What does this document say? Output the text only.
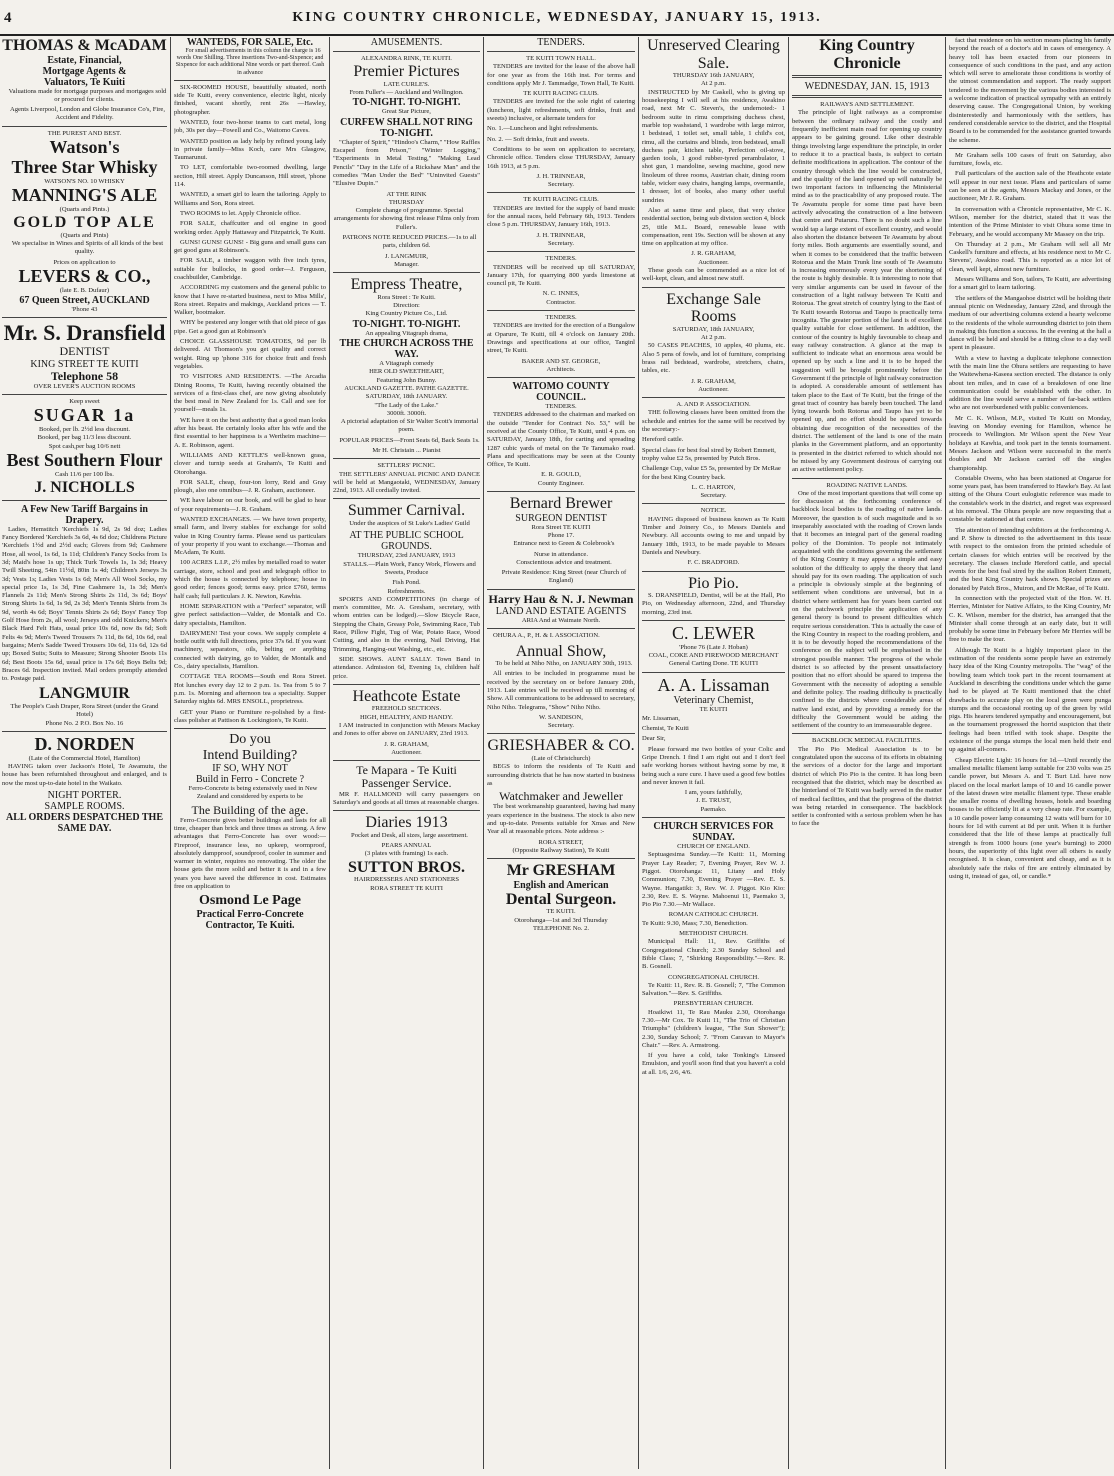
4	KING COUNTRY CHRONICLE, WEDNESDAY, JANUARY 15, 1913.
THOMAS & McADAM
Estate, Financial,
Mortgage Agents &
Valuators, Te Kuiti

Valuations made for mortgage purposes and mortgages sold or procured for clients.

Agents Liverpool, London and Globe Insurance Co's, Fire, Accident and Fidelity.

THE PUREST AND BEST.
Watson's
Three Star Whisky
WATSON'S NO. 10 WHISKY
MANNING'S ALE
(Quarts and Pints.)
GOLD TOP ALE
(Quarts and Pints)

We specialise in Wines and Spirits of all kinds of the best quality.

Prices on application to
LEVERS & CO.,
(late E. B. Dufaur)
67 Queen Street, AUCKLAND
'Phone 43
Mr. S. Dransfield
DENTIST
KING STREET TE KUITI
Telephone 58
OVER LEVER'S AUCTION ROOMS
Keep sweet
SUGAR 1a
Booked, per lb. 2½d less discount.
Booked, per bag 11/3 less discount.
Spot cash,per bag 10/6 nett
Best Southern Flour
Cash 11/6 per 100 lbs.
J. NICHOLLS
A Few New Tariff Bargains in Drapery.

Ladies, Hemstitch 'Kerchiefs 1s 9d, 2s 9d doz; Ladies Fancy Bordered 'Kerchiefs 3s 6d, 4s 6d doz; Childrens Picture 'Kerchiefs 1½d and 2½d each; Gloves from 9d; Cashmere Hose, all wool, 1s 6d, 1s 11d; Children's Fancy Socks from 1s 3d; Maid's hose 1s up; Thick Turk Towels 1s, 1s 3d; Heavy Twill Sheeting, 54in 11½d, 80in 1s 4d; Children's Jerseys 3s 3d; Vests 1s; Ladies Vests 1s 6d; Men's All Wool Socks, my special price 1s, 1s 3d, Fine Cashmere 1s, 1s 3d; Men's Flannels 2s 11d; Men's Strong Shirts 2s 11d, 3s 6d; Boys' Strong Shirts 1s 6d, 1s 9d, 2s 3d; Men's Tennis Shirts from 3s 9d, worth 4s 6d; Boys' Tennis Shirts 2s 6d; Boys' Fancy Top Golf Hose from 2s, all wool; Jerseys and odd Knickers; Men's Black Hard Felt Hats, usual price 10s 6d, now 8s 6d; Soft Felts 4s 9d; Men's Tweed Trousers 7s 11d, 8s 6d, 10s 6d, real bargains; Men's Sadde Tweed Trousers 10s 6d, 11s 6d, 12s 6d up; Boxed Suits; Suits to Measure; Strong Shooter Boots 11s 6d; Best Boots 15s 6d, usual price is 17s 6d; Boys Belts 9d; Braces 6d. Inspection invited. Mail orders promptly attended to. Postage paid.

LANGMUIR
The People's Cash Draper, Rora Street (under the Grand Hotel)
Phone No. 2 P.O. Box No. 16
D. NORDEN
(Late of the Commercial Hotel, Hamilton)

HAVING taken over Jackson's Hotel, Te Awamutu, the house has been refurnished throughout and enlarged, and is now the most up-to-date hotel in the Waikato.

NIGHT PORTER.
SAMPLE ROOMS.
ALL ORDERS DESPATCHED THE SAME DAY.
WANTEDS, FOR SALE, Etc.

For small advertisements in this column the charge is 16 words One Shilling. Three insertions Two-and-Sixpence; and Sixpence for each additional Nine words or part thereof. Cash in advance

SIX-ROOMED HOUSE, beautifully situated, north side Te Kuiti, every convenience, electric light, nicely finished, vacant shortly, rent 26s —Hawley, photographer.

WANTED, four two-horse teams to cart metal, long job, 30s per day—Fowell and Co., Waitomo Caves.

WANTED position as lady help by refined young lady in private family—Miss Koch, care Mrs Glasgow, Taumarunui.

TO LET, comfortable two-roomed dwelling, large section, Hill street. Apply Duncanson, Hill street, 'phone 114.

WANTED, a smart girl to learn the tailoring. Apply to Williams and Son, Rora street.

TWO ROOMS to let. Apply Chronicle office.

FOR SALE, chaffcutter and oil engine in good working order. Apply Hattaway and Fitzpatrick, Te Kuiti.

GUNS! GUNS! GUNS! - Big guns and small guns can get good guns at Robinson's.

FOR SALE, a timber waggon with five inch tyres, suitable for bullocks, in good order—J. Ferguson, coachbuilder, Cambridge.

ACCORDING my customers and the general public to know that I have re-started business, next to Miss Mills', Rora street. Repairs and makings, Auckland prices — T. Walker, bootmaker.

WHY be pestered any longer with that old piece of gas pipe. Get a good gun at Robinson's

CHOICE GLASSHOUSE TOMATOES, 9d per lb delivered. At Thomson's you get quality and correct weight. Ring up 'phone 316 for choice fruit and fresh vegetables.

TO VISITORS AND RESIDENTS. —The Arcadia Dining Rooms, Te Kuiti, having recently obtained the services of a first-class chef, are now giving absolutely the best meal in New Zealand for 1s. Call and see for yourself—meals 1s.

WE have it on the best authority that a good man looks after his beast. He certainly looks after his wife and the first essential to her happiness is a Wertheim machine—A. E. Robinson, agent.

WILLIAMS AND KETTLE'S well-known grass, clover and turnip seeds at Graham's, Te Kuiti and Otorohanga.

FOR SALE, cheap, four-ton lorry, Reid and Gray plough, also one omnibus—J. R. Graham, auctioneer.

WE have labour on our book, and will be glad to hear of your requirements—J. R. Graham.

WANTED EXCHANGES. — We have town property, small farm, and livery stables for exchange for solid value in King Country farms. Please send us particulars of your property if you want to exchange.—Thomas and McAdam, Te Kuiti.

100 ACRES L.I.P., 2½ miles by metalled road to water carriage, store, school and post and telegraph office to which the house is connected by telephone; house in good order; fences good; terms easy. price £760, terms half cash; full particulars J. K. Newton, Kawhia.

HOME SEPARATION with a "Perfect" separator, will give perfect satisfaction—Valder, de Montalk and Co. dairy specialists, Hamilton.

DAIRYMEN! Test your cows. We supply complete 4 bottle outfit with full directions, price 37s 6d. If you want machinery, separators, oils, belting or anything connected with dairying, go to Valder, de Montalk and Co., dairy specialists, Hamilton.

COTTAGE TEA ROOMS—South end Rora Street. Hot lunches every day 12 to 2 p.m. 1s. Tea from 5 to 7 p.m. 1s. Morning and afternoon tea a speciality. Supper Saturday nights 6d. MRS ENSOLL, proprietress.

GET your Piano or Furniture re-polished by a first-class polisher at Pattison & Lockington's, Te Kuiti.

Do you
Intend Building?
IF SO, WHY NOT
Build in Ferro - Concrete ?

Ferro-Concrete is being extensively used in New Zealand and considered by experts to be

The Building of the age.

Ferro-Concrete gives better buildings and lasts for all time, cheaper than brick and three times as strong. A few advantages that Ferro-Concrete has over wood:—Fireproof, insurance less, no upkeep, wormproof, absolutely dampproof, soundproof, cooler in summer and warmer in winter, requires no renovating. The older the house gets the more solid and better it is and in a few years you have saved the difference in cost. Estimates free on application to

Osmond Le Page
Practical Ferro-Concrete Contractor, Te Kuiti.
AMUSEMENTS.
ALEXANDRA RINK, TE KUITI.
Premier Pictures
LATE CURLE'S.
From Fuller's — Auckland and Wellington.
TO-NIGHT. TO-NIGHT.
Great Star Picture,
CURFEW SHALL NOT RING TO-NIGHT.

"Chapter of Spirit," "Hindoo's Charm," "How Raffles Escaped from Prison," "Winter Logging," "Experiments in Metal Testing," "Making Lead Pencils" "Day in the Life of a Rickshaw Man" and the comedies "Man Under the Bed" "Uninvited Guests" "Elusive Dupin."

AT THE RINK
THURSDAY

Complete change of programme. Special arrangements for showing first release Films only from Fuller's.

PATRONS NOTE REDUCED PRICES.—1s to all parts, children 6d.

J. LANGMUIR,
Manager.
Empress Theatre,
Rora Street : Te Kuiti.
Direction:
King Country Picture Co., Ltd.
TO-NIGHT. TO-NIGHT.
An appealing Vitagraph drama,
THE CHURCH ACROSS THE WAY.
A Vitagraph comedy
HER OLD SWEETHEART,
Featuring John Bunny.
AUCKLAND GAZETTE. PATHE GAZETTE.
SATURDAY, 18th JANUARY.
"The Lady of the Lake."
3000ft. 3000ft.

A pictorial adaptation of Sir Walter Scott's immortal poem.

POPULAR PRICES—Front Seats 6d, Back Seats 1s.

Mr H. Christain ... Pianist
SETTLERS' PICNIC.

THE SETTLERS' ANNUAL PICNIC AND DANCE will be held at Mangaotaki, WEDNESDAY, January 22nd, 1913. All cordially invited.

Summer Carnival.

Under the auspices of St Luke's Ladies' Guild

AT THE PUBLIC SCHOOL GROUNDS.
THURSDAY, 23rd JANUARY, 1913

STALLS.—Plain Work, Fancy Work, Flowers and Sweets, Produce

Fish Pond.
Refreshments.

SPORTS AND COMPETITIONS (in charge of men's committee, Mr. A. Gresham, secretary, with whom entries can be lodged).—Slow Bicycle Race, Stepping the Chain, Greasy Pole, Swimming Race, Tub Race, Pillow Fight, Tug of War, Potato Race, Wood Cutting, and also in the evening, Nail Driving, Hat Trimming, Hanging-out Washing, etc., etc.

SIDE SHOWS. AUNT SALLY. Town Band in attendance. Admission 6d, Evening 1s, children half price.

Heathcote Estate
FREEHOLD SECTIONS.
HIGH, HEALTHY, AND HANDY.

I AM instructed in conjunction with Messrs Mackay and Jones to offer above on JANUARY, 23rd 1913.

J. R. GRAHAM,
Auctioneer.
Te Mapara - Te Kuiti Passenger Service.

MR F. HALLMOND will carry passengers on Saturday's and goods at all times at reasonable charges.

Diaries 1913

Pocket and Desk, all sizes, large assortment.

PEARS ANNUAL
(3 plates with framing) 1s each.
SUTTON BROS.
HAIRDRESSERS AND STATIONERS
RORA STREET TE KUITI
TENDERS.
TE KUITI TOWN HALL.

TENDERS are invited for the lease of the above hall for one year as from the 16th inst. For terms and conditions apply Mr J. Tammadge, Town Hall, Te Kuiti.

TE KUITI RACING CLUB.

TENDERS are invited for the sole right of catering (luncheon, light refreshments, soft drinks, fruit and sweets) inclusive, or alternate tenders for

No. 1.—Luncheon and light refreshments.

No. 2. — Soft drinks, fruit and sweets.

Conditions to be seen on application to secretary, Chronicle office. Tenders close THURSDAY, January 16th 1913, at 5 p.m.

J. H. TRINNEAR,
Secretary.
TE KUITI RACING CLUB.

TENDERS are invited for the supply of band music for the annual races, held February 6th, 1913. Tenders close 5 p.m. THURSDAY, January 16th, 1913.

J. H. TRINNEAR,
Secretary.
TENDERS.

TENDERS will be received up till SATURDAY, January 17th, for quarrying 800 yards limestone at council pit, Te Kuiti.

N. C. INNES,
Contractor.
TENDERS.

TENDERS are invited for the erection of a Bungalow at Oparure, Te Kuiti, till 4 o'clock on January 20th. Drawings and specifications at our office, Tanginl street, Te Kuiti.

BAKER AND ST. GEORGE,
Architects.
WAITOMO COUNTY COUNCIL.
TENDERS.

TENDERS addressed to the chairman and marked on the outside "Tender for Contract No. 53," will be received at the County Office, Te Kuiti, until 4 p.m. on SATURDAY, January 18th, for carting and spreading 1287 cubic yards of metal on the Te Tanumako road. Plans and specifications may be seen at the County Office, Te Kuiti.

E. R. GOULD,
County Engineer.
Bernard Brewer
SURGEON DENTIST
Rora Street TE KUITI
Phone 17.

Entrance next to Green & Colebrook's

Nurse in attendance.

Conscientious advice and treatment.

Private Residence: King Street (near Church of England)

Harry Hau & N. J. Newman
LAND AND ESTATE AGENTS
ARIA And at Waimate North.

OHURA A., P., H. & I. ASSOCIATION.

Annual Show,

To be held at Niho Niho, on JANUARY 30th, 1913.

All entries to be included in programme must be received by the secretary on or before January 20th, 1913. Late entries will be received up till morning of Show. All communications to be addressed to secretary, Niho Niho. Telegrams, "Show" Niho Niho.

W. SANDISON,
Secretary.
GRIESHABER & CO.
(Late of Christchurch)

BEGS to inform the residents of Te Kuiti and surrounding districts that he has now started in business as

Watchmaker and Jeweller

The best workmanship guaranteed, having had many years experience in the business. The stock is also new and up-to-date. Presents suitable for Xmas and New Year all at reasonable prices. Note address :-

RORA STREET,
(Opposite Railway Station), Te Kuiti
Mr GRESHAM
English and American
Dental Surgeon.
TE KUITI.
Otorohanga—1st and 3rd Thursday
TELEPHONE No. 2.
Unreserved Clearing Sale.
THURSDAY 16th JANUARY,
At 2 p.m.

INSTRUCTED by Mr Caskell, who is giving up housekeeping I will sell at his residence, Awakino road, next Mr C. Steven's, the undernoted:- 1 bedroom suite in rimu comprising duchess chest, marble top washstand, 1 wardrobe with large mirror, 1 bedstead, 1 toilet set, small table, 1 child's cot, rimu, all the curtains and blinds, iron bedstead, small duchess pair, kitchen table, Perfection oil-stove, garden tools, 1 good rubber-tyred perambulator, 1 shot gun, 1 mandoline, sewing machine, good new linoleum of three rooms, Austrian chair, dining room table, wicker easy chairs, hanging lamps, overmantle, 1 dresser, lot of books, also many other useful sundries

Also at same time and place, that very choice residential section, being sub division section 4, block 25, title M.L. Board, renewable lease with compensation, rent 19s. Section will be shown at any time on application at my office.

J. R. GRAHAM,
Auctioneer.

These goods can be commended as a nice lot of well-kept, clean, and almost new stuff.

Exchange Sale Rooms
SATURDAY, 18th JANUARY,
At 2 p.m.

50 CASES PEACHES, 10 apples, 40 plums, etc. Also 5 pens of fowls, and lot of furniture, comprising brass rail bedstead, wardrobe, stretchers, chairs, tables, etc.

J. R. GRAHAM,
Auctioneer.
A. AND P. ASSOCIATION.

THE following classes have been omitted from the schedule and entries for the same will be received by the secretary:-

Hereford cattle.

Special class for best foal sired by Robert Emmett, trophy value £2 5s, presented by Putch Bros.

Challenge Cup, value £5 5s, presented by Dr McRae for the best King Country back.

L. C. HARTON,
Secretary.
NOTICE.

HAVING disposed of business known as Te Kuiti Timber and Joinery Co., to Messrs Daniels and Newbury. All accounts owing to me and unpaid by January 18th, 1913, to be made payable to Messrs Daniels and Newbury.

F. C. BRADFORD.
Pio Pio.

S. DRANSFIELD, Dentist, will be at the Hall, Pio Pio, on Wednesday afternoon, 22nd, and Thursday morning, 23rd inst.

C. LEWER
'Phone 76 (Late J. Hoban)
COAL, COKE AND FIREWOOD MERCHANT
General Carting Done. TE KUITI
A. A. Lissaman
Veterinary Chemist,
TE KUITI

Mr. Lissaman,

Chemist, Te Kuiti

Dear Sir,

Please forward me two bottles of your Colic and Gripe Drench. I find I am right out and I don't feel safe working horses without having some by me, it being such a sure cure. I have used a good few bottles and never known it fail.

I am, yours faithfully,
J. E. TRUST,
Paemako.
CHURCH SERVICES FOR SUNDAY.
CHURCH OF ENGLAND.

Septuagesima Sunday.—Te Kuiti: 11, Morning Prayer Lay Reader; 7, Evening Prayer, Rev W. J. Piggot. Otorohanga: 11, Litany and Holy Communion; 7.30, Evening Prayer —Rev. E. S. Wayne. Hangatiki: 3, Rev. W. J. Piggot. Kio Kio: 2.30, Rev. E. S. Wayne. Mahoenui 11, Paemako 3, Pio Pio 7.30.—Mr Wallace.

ROMAN CATHOLIC CHURCH.

Te Kuiti: 9.30, Mass; 7.30, Benediction.

METHODIST CHURCH.

Municipal Hall: 11, Rev. Griffiths of Congregational Church; 2.30 Sunday School and Bible Class; 7, "Shirking Responsibility."—Rev. R. B. Gosnell.

CONGREGATIONAL CHURCH.

Te Kuiti: 11, Rev. R. B. Gosnell; 7, "The Common Salvation."—Rev. S. Griffiths.

PRESBYTERIAN CHURCH.

Hoaikiwi 11, Te Rau Mauku 2.30, Otorohanga 7.30.—Mr Cox. Te Kuiti 11, "The Trio of Christian Triumphs" (children's league, "The Sun Shower"); 2.30, Sunday School; 7. "From Caravan to Mayor's Chair." —Rev. A. Armstrong.

If you have a cold, take Tonking's Linseed Emulsion, and you'll soon find that you haven't a cold at all. 1/6, 2/6, 4/6.

King Country Chronicle
WEDNESDAY, JAN. 15, 1913
RAILWAYS AND SETTLEMENT.

The principle of light railways as a compromise between the ordinary railway and the costly and frequently inefficient main road for opening up country appears to be gaining ground. Like other desirable things involving large expenditure the principle, in order to reduce it to a practical basis, is subject to certain definite modifications in application. The contour of the country through which the line would be constructed, and the quality of the land opened up will naturally be two important factors in influencing the Ministerial mind as to the practicability of any proposed route. The Te Awamutu people for some time past have been actively advocating the construction of a line between that centre and Putaruru. There is no doubt such a line would tap a large extent of excellent country, and would also shorten the distance between Te Awamutu by about forty miles. Both arguments are essentially sound, and when it comes to be considered that the traffic between Rotorua and the Main Trunk line south of Te Awamutu is increasing enormously every year the shortening of the route is highly desirable. It is interesting to note that very similar arguments can be used in favour of the construction of a light railway between Te Kuiti and Rotorua. The great stretch of country lying to the East of Te Kuiti towards Rotorua and Taupo is practically terra incognita. The greater portion of the land is of excellent quality suitable for close settlement. In addition, the contour of the country is highly favourable to cheap and easy railway construction. A glance at the map is sufficient to indicate what an enormous area would be opened up by such a line and it is to be hoped the suggestion will be brought prominently before the Government if the principle of light railway construction is adopted. A considerable amount of settlement has taken place to the East of Te Kuiti, but the fringe of the great tract of country has barely been touched. The land lying towards both Rotorua and Taupo has yet to be opened up, and no effort should be spared towards obtaining due recognition of the necessities of the district. The settlement of the land is one of the main planks in the Government platform, and an opportunity is presented in the district referred to which should not be missed by any Government desirous of carrying out an active settlement policy.

ROADING NATIVE LANDS.

One of the most important questions that will come up for discussion at the forthcoming conference of backblock local bodies is the roading of native lands. Moreover, the question is of such magnitude and is so inseparably associated with the roading of Crown lands that it becomes an integral part of the general roading policy of the Dominion. To people not intimately acquainted with the conditions governing the settlement of the King Country it may appear a simple and easy solution of the difficulty to apply the theory that land should pay for its own roading. The application of such a principle is obviously simple at the beginning of settlement when conditions are universal, but in a district where settlement has for years been carried out on the patchwork principle the application of any general theory is bound to present difficulties which require serious consideration. This is actually the case of the King Country in respect to the roading problem, and it is to be devoutly hoped the recommendations of the conference on the subject will be emphasised in the strongest possible manner. The progress of the whole district is so affected by the present unsatisfactory position that no effort should be spared to impress the Government with the necessity of adopting a sensible and definite policy. The roading difficulty is practically confined to the districts where considerable areas of native land exist, and by providing a remedy for the difficulty the Government would be aiding the settlement of the country to an immeasurable degree.

BACKBLOCK MEDICAL FACILITIES.

The Pio Pio Medical Association is to be congratulated upon the success of its efforts in obtaining the services of a doctor for the large and important district of which Pio Pio is the centre. It has long been recognised that the district, which may be described as the hinterland of Te Kuiti was badly served in the matter of medical facilities, and that the progress of the district was being retarded in consequence. The backblock settler is confronted with a serious problem when he has to face the

fact that residence on his section means placing his family beyond the reach of a doctor's aid in cases of emergency. A heavy toll has been exacted from our pioneers in consequence of such conditions in the past, and any action which will serve to ameliorate those conditions is worthy of the utmost commendation and support. The ready support tendered to the movement by the various bodies interested is a welcome indication of practical sympathy with an entirely deserving cause. The Congregational Union, by working disinterestedly and harmoniously with the settlers, has rendered considerable service to the district, and the Hospital Board is to be commended for the assistance granted towards the scheme.

Mr Graham sells 100 cases of fruit on Saturday, also furniture, fowls, etc.

Full particulars of the auction sale of the Heathcote estate will appear in our next issue. Plans and particulars of same can be seen at the agents, Messrs Mackay and Jones, or the auctioneer, Mr J. R. Graham.

In conversation with a Chronicle representative, Mr C. K. Wilson, member for the district, stated that it was the intention of the Prime Minister to visit Ohura some time in February, and he would accompany Mr Massey on the trip.

On Thursday at 2 p.m., Mr Graham will sell all Mr Caskell's furniture and effects, at his residence next to Mr C. Stevens', Awakino road. This is reported as a nice lot of clean, well kept, almost new furniture.

Messrs Williams and Son, tailors, Te Kuiti, are advertising for a smart girl to learn tailoring.

The settlers of the Mangaohoe district will be holding their annual picnic on Wednesday, January 22nd, and through the medium of our advertising columns extend a hearty welcome to the residents of the whole surrounding district to join them in making this function a success. In the evening at the hall a dance will be held and should be a fitting close to a day well spent in pleasure.

With a view to having a duplicate telephone connection with the main line the Ohura settlers are requesting to have the Waitewhena-Kaseea section erected. The distance is only about ten miles, and in case of a breakdown of one line communication could be established with the other. In addition the line would serve a number of far-back settlers who are not overburdened with public conveniences.

Mr C. K. Wilson, M.P., visited Te Kuiti on Monday, leaving on Monday evening for Hamilton, whence he proceeds to Wellington. Mr Wilson spent the New Year holidays at Kawhia, and took part in the tennis tournament. Messrs Jackson and Wilson were successful in the men's doubles and Mr Jackson carried off the singles championship.

Constable Owens, who has been stationed at Ongarue for some years past, has been transferred to Hawke's Bay. At last sitting of the Ohura Court eulogistic reference was made to the constable's work in the district, and regret was expressed at his removal. The Ohura people are now requesting that a constable be stationed at that centre.

The attention of intending exhibitors at the forthcoming A. and P. Show is directed to the advertisement in this issue with respect to the omission from the printed schedule of certain classes for which entries will be received by the secretary. The classes include Hereford cattle, and special events for the best foal sired by the stallion Robert Emmett, and the best King Country hack shown. Special prizes are donated by Patch Bros., Muiron, and Dr McRae, of Te Kuiti.

In connection with the projected visit of the Hon. W. H. Herries, Minister for Native Affairs, to the King Country, Mr C. K. Wilson, member for the district, has arranged that the Minister shall come through at an early date, but it will probably be some time in February before Mr Herries will be free to make the tour.

Although Te Kuiti is a highly important place in the estimation of the residents some people have an extremely hazy idea of the King Country metropolis. The "wag" of the bowling team which took part in the recent tournament at Auckland in describing the conditions under which the game had to be played at Te Kuiti mentioned that the chief drawbacks to accurate play on the local green were punga stumps and the occasional rooting up of the green by wild pigs. His hearers tendered sympathy and encouragement, but as the tournament progressed the horrid suspicion that their feelings had been trifled with took shape. Despite the existence of the punga stumps the local men held their end up against all-comers.

Cheap Electric Light: 16 hours for 1d.—Until recently the smallest metallic filament lamp suitable for 230 volts was 25 candle power, but Messrs A. and T. Burt Ltd. have now placed on the local market lamps of 10 and 16 candle power of the latest drawn wire metallic filament type. These enable the smaller rooms of dwelling houses, hotels and boarding houses to be efficiently lit at a very cheap rate. For example, a 10 candle power lamp consuming 12 watts will burn for 10 hours for 1d with current at 8d per unit. When it is further considered that the life of these lamps at practically full strength is from 1000 hours (one year's burning) to 2000 hours, the superiority of this light over all others is easily recognised. It is clean, convenient and cheap, and as it is absolutely safe the risks of fire are entirely eliminated by using it, instead of gas, oil, or candle.*
